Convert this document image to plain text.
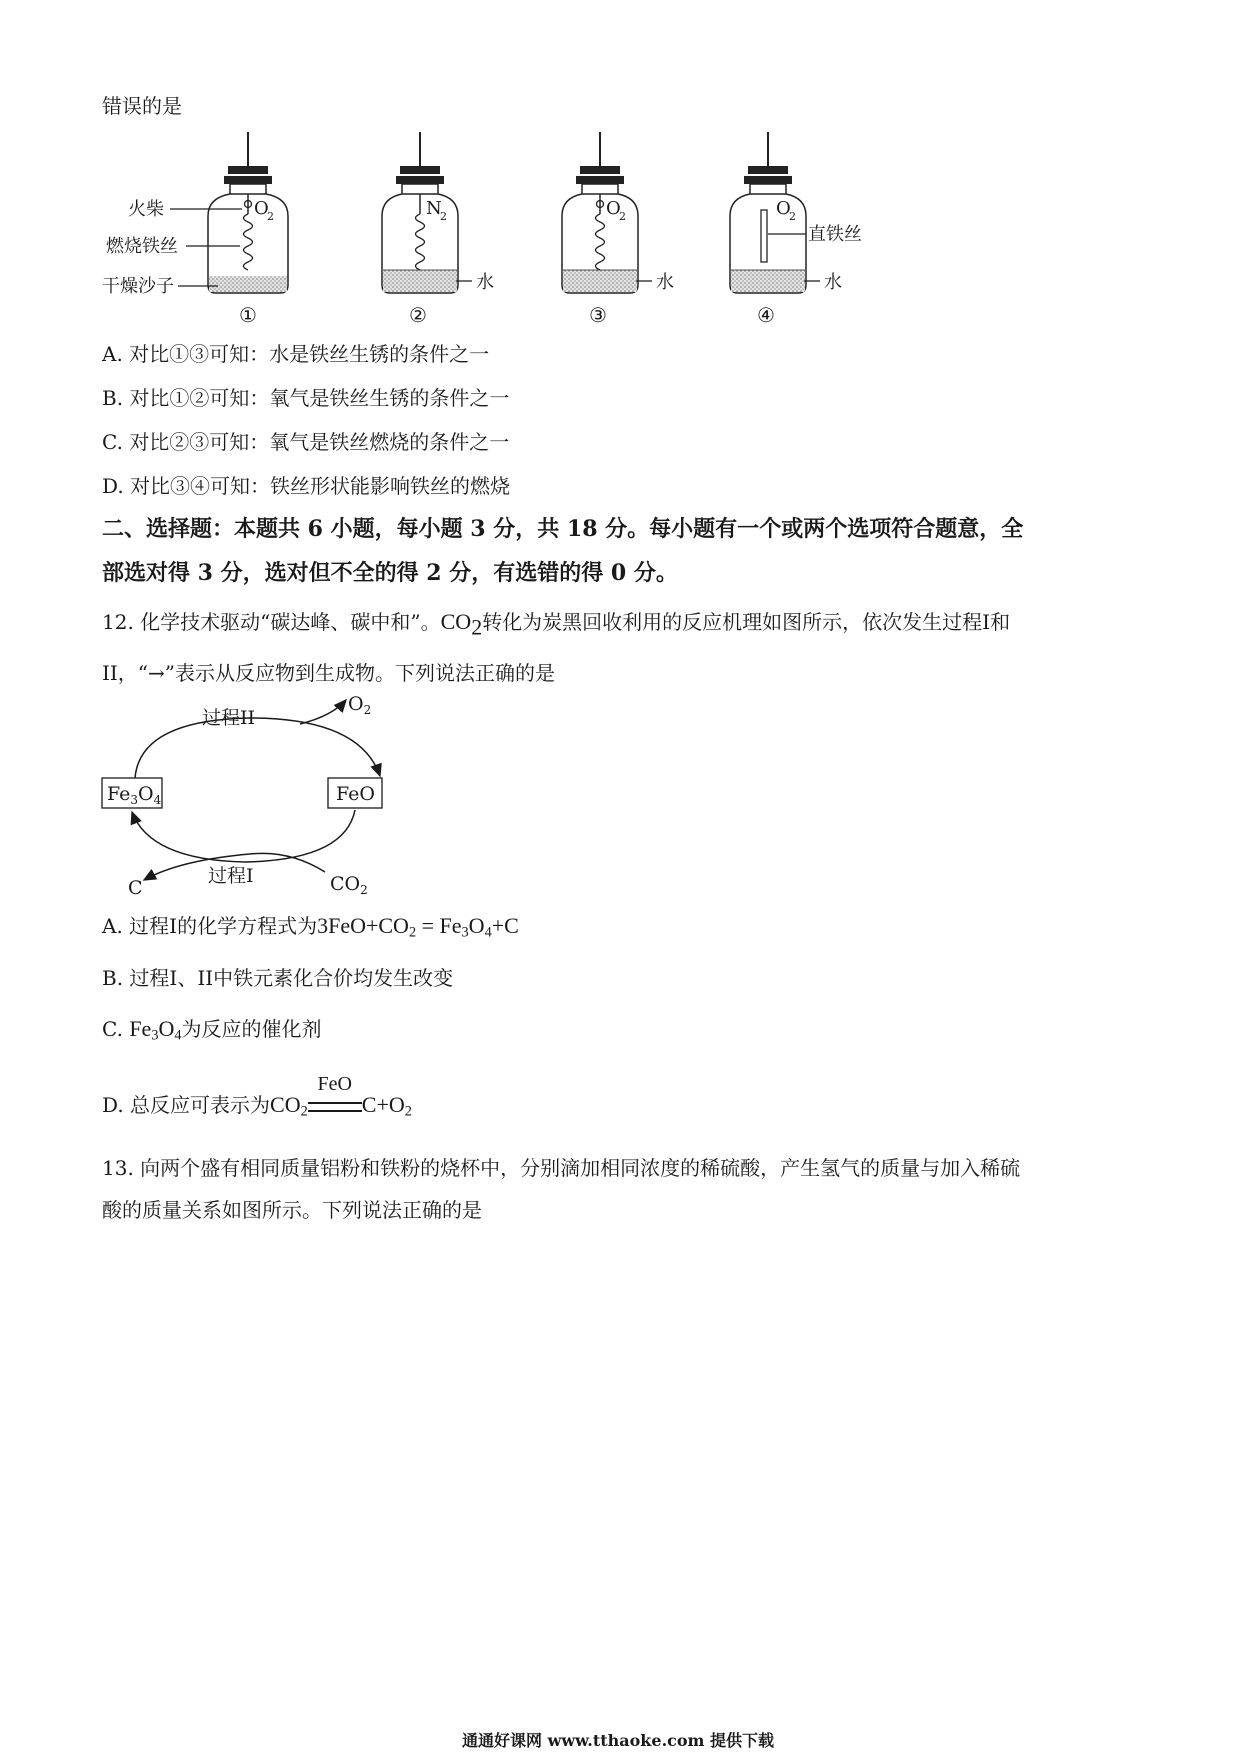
错误的是
O
2
①
火柴
燃烧铁丝
干燥沙子
N
2
水
②
O
2
水
③
O
2
直铁丝
水
④
A. 对比①③可知：水是铁丝生锈的条件之一
B. 对比①②可知：氧气是铁丝生锈的条件之一
C. 对比②③可知：氧气是铁丝燃烧的条件之一
D. 对比③④可知：铁丝形状能影响铁丝的燃烧
二、选择题：本题共 6 小题，每小题 3 分，共 18 分。每小题有一个或两个选项符合题意，全
部选对得 3 分，选对但不全的得 2 分，有选错的得 0 分。
12. 化学技术驱动“碳达峰、碳中和”。$CO_2$转化为炭黑回收利用的反应机理如图所示，依次发生过程I和
II，“→”表示从反应物到生成物。下列说法正确的是
$Fe_3O_4$	FeO
过程II
$O_2$
过程I	$CO_2$
C
A. 过程I的化学方程式为$3FeO+CO_2 = Fe_3O_4+C$
B. 过程I、II中铁元素化合价均发生改变
C. $Fe_3O_4$为反应的催化剂
D. 总反应可表示为$CO_2$
FeO
$C+O_2$
13. 向两个盛有相同质量铝粉和铁粉的烧杯中，分别滴加相同浓度的稀硫酸，产生氢气的质量与加入稀硫
酸的质量关系如图所示。下列说法正确的是
通通好课网 www.tthaoke.com 提供下载
